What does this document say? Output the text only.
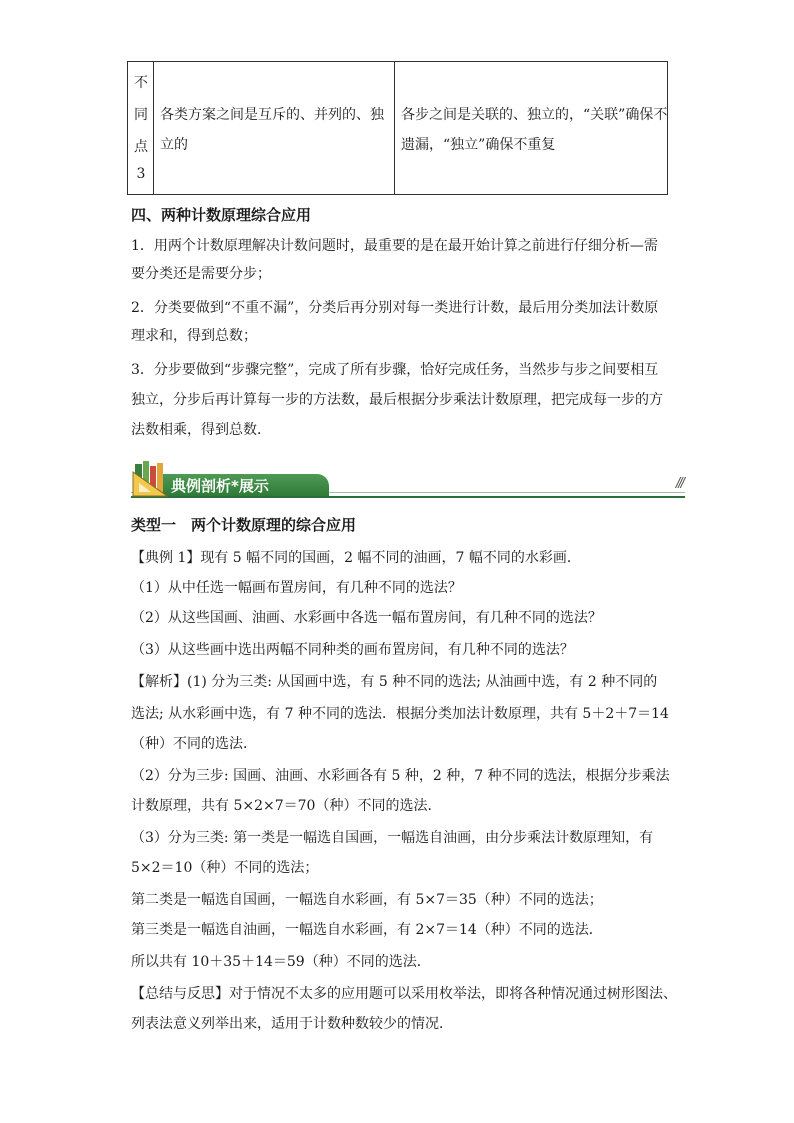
不
同
点
3
各类方案之间是互斥的、并列的、独
立的
各步之间是关联的、独立的，“关联”确保不
遗漏，“独立”确保不重复
四、两种计数原理综合应用
1．用两个计数原理解决计数问题时，最重要的是在最开始计算之前进行仔细分析—需
要分类还是需要分步；
2．分类要做到“不重不漏”，分类后再分别对每一类进行计数，最后用分类加法计数原
理求和，得到总数；
3．分步要做到“步骤完整”，完成了所有步骤，恰好完成任务，当然步与步之间要相互
独立，分步后再计算每一步的方法数，最后根据分步乘法计数原理，把完成每一步的方
法数相乘，得到总数．
典例剖析*展示	///
类型一　两个计数原理的综合应用
【典例 1】现有 5 幅不同的国画，2 幅不同的油画，7 幅不同的水彩画．
（1）从中任选一幅画布置房间，有几种不同的选法？
（2）从这些国画、油画、水彩画中各选一幅布置房间，有几种不同的选法？
（3）从这些画中选出两幅不同种类的画布置房间，有几种不同的选法？
【解析】(1) 分为三类: 从国画中选，有 5 种不同的选法; 从油画中选，有 2 种不同的
选法; 从水彩画中选，有 7 种不同的选法．根据分类加法计数原理，共有 5＋2＋7＝14
（种）不同的选法．
（2）分为三步: 国画、油画、水彩画各有 5 种，2 种，7 种不同的选法，根据分步乘法
计数原理，共有 5×2×7＝70（种）不同的选法．
（3）分为三类: 第一类是一幅选自国画，一幅选自油画，由分步乘法计数原理知，有
5×2＝10（种）不同的选法；
第二类是一幅选自国画，一幅选自水彩画，有 5×7＝35（种）不同的选法；
第三类是一幅选自油画，一幅选自水彩画，有 2×7＝14（种）不同的选法．
所以共有 10＋35＋14＝59（种）不同的选法．
【总结与反思】对于情况不太多的应用题可以采用枚举法，即将各种情况通过树形图法、
列表法意义列举出来，适用于计数种数较少的情况．
